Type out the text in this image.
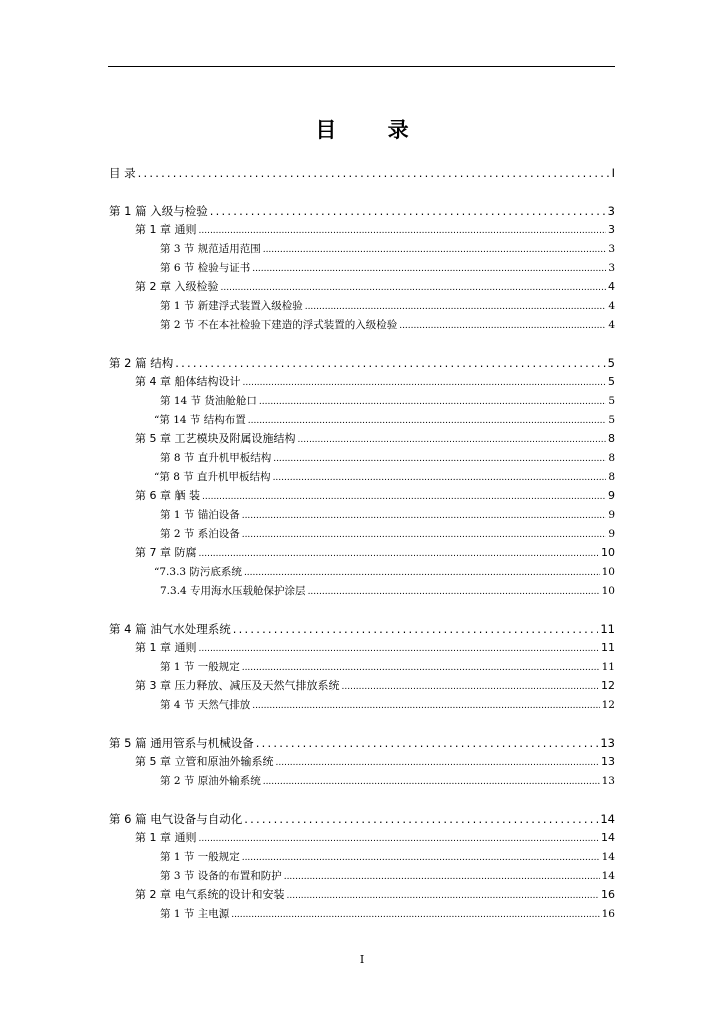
目 录
目 录 .....	I
第 1 篇 入级与检验 .....	3
第 1 章 通则 .....	3
第 3 节 规范适用范围 .....	3
第 6 节 检验与证书 .....	3
第 2 章 入级检验 .....	4
第 1 节 新建浮式装置入级检验 .....	4
第 2 节 不在本社检验下建造的浮式装置的入级检验 .....	4
第 2 篇 结构 .....	5
第 4 章 船体结构设计 .....	5
第 14 节 货油舱舱口 .....	5
“第 14 节 结构布置 .....	5
第 5 章 工艺模块及附属设施结构 .....	8
第 8 节 直升机甲板结构 .....	8
“第 8 节 直升机甲板结构 .....	8
第 6 章 舾 装 .....	9
第 1 节 锚泊设备 .....	9
第 2 节 系泊设备 .....	9
第 7 章 防腐 .....	10
“7.3.3 防污底系统 .....	10
7.3.4 专用海水压载舱保护涂层 .....	10
第 4 篇 油气水处理系统 .....	11
第 1 章 通则 .....	11
第 1 节 一般规定 .....	11
第 3 章 压力释放、减压及天然气排放系统 .....	12
第 4 节 天然气排放 .....	12
第 5 篇 通用管系与机械设备 .....	13
第 5 章 立管和原油外输系统 .....	13
第 2 节 原油外输系统 .....	13
第 6 篇 电气设备与自动化 .....	14
第 1 章 通则 .....	14
第 1 节 一般规定 .....	14
第 3 节 设备的布置和防护 .....	14
第 2 章 电气系统的设计和安装 .....	16
第 1 节 主电源 .....	16
I
